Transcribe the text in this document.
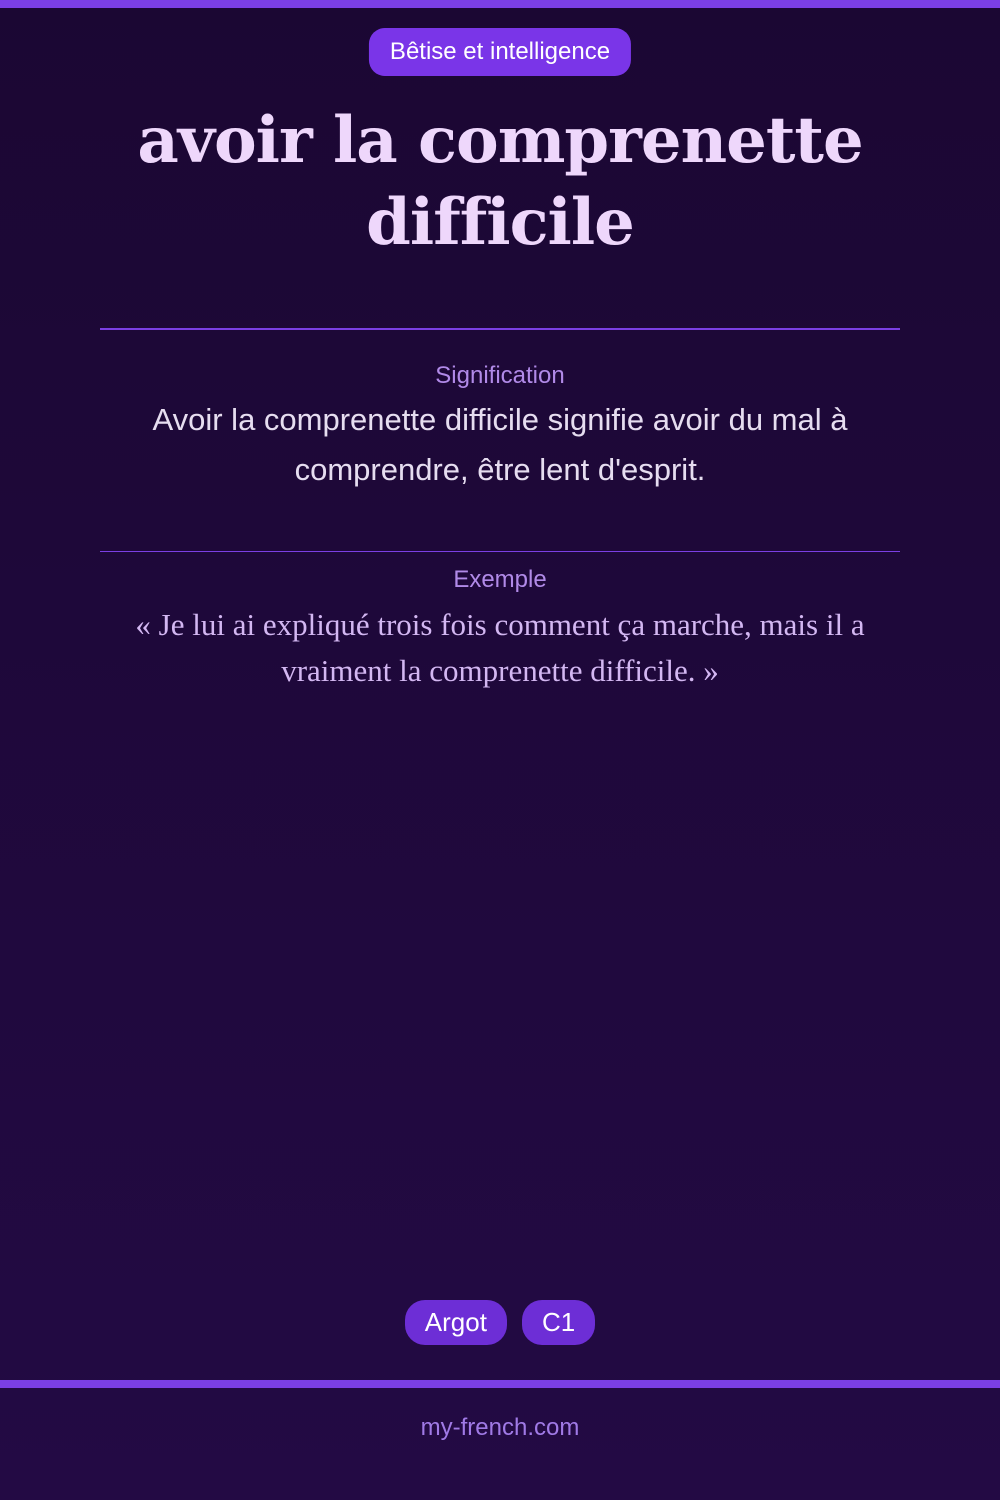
Bêtise et intelligence
avoir la comprenette difficile
Signification
Avoir la comprenette difficile signifie avoir du mal à comprendre, être lent d'esprit.
Exemple
« Je lui ai expliqué trois fois comment ça marche, mais il a vraiment la comprenette difficile. »
Argot	C1
my-french.com
